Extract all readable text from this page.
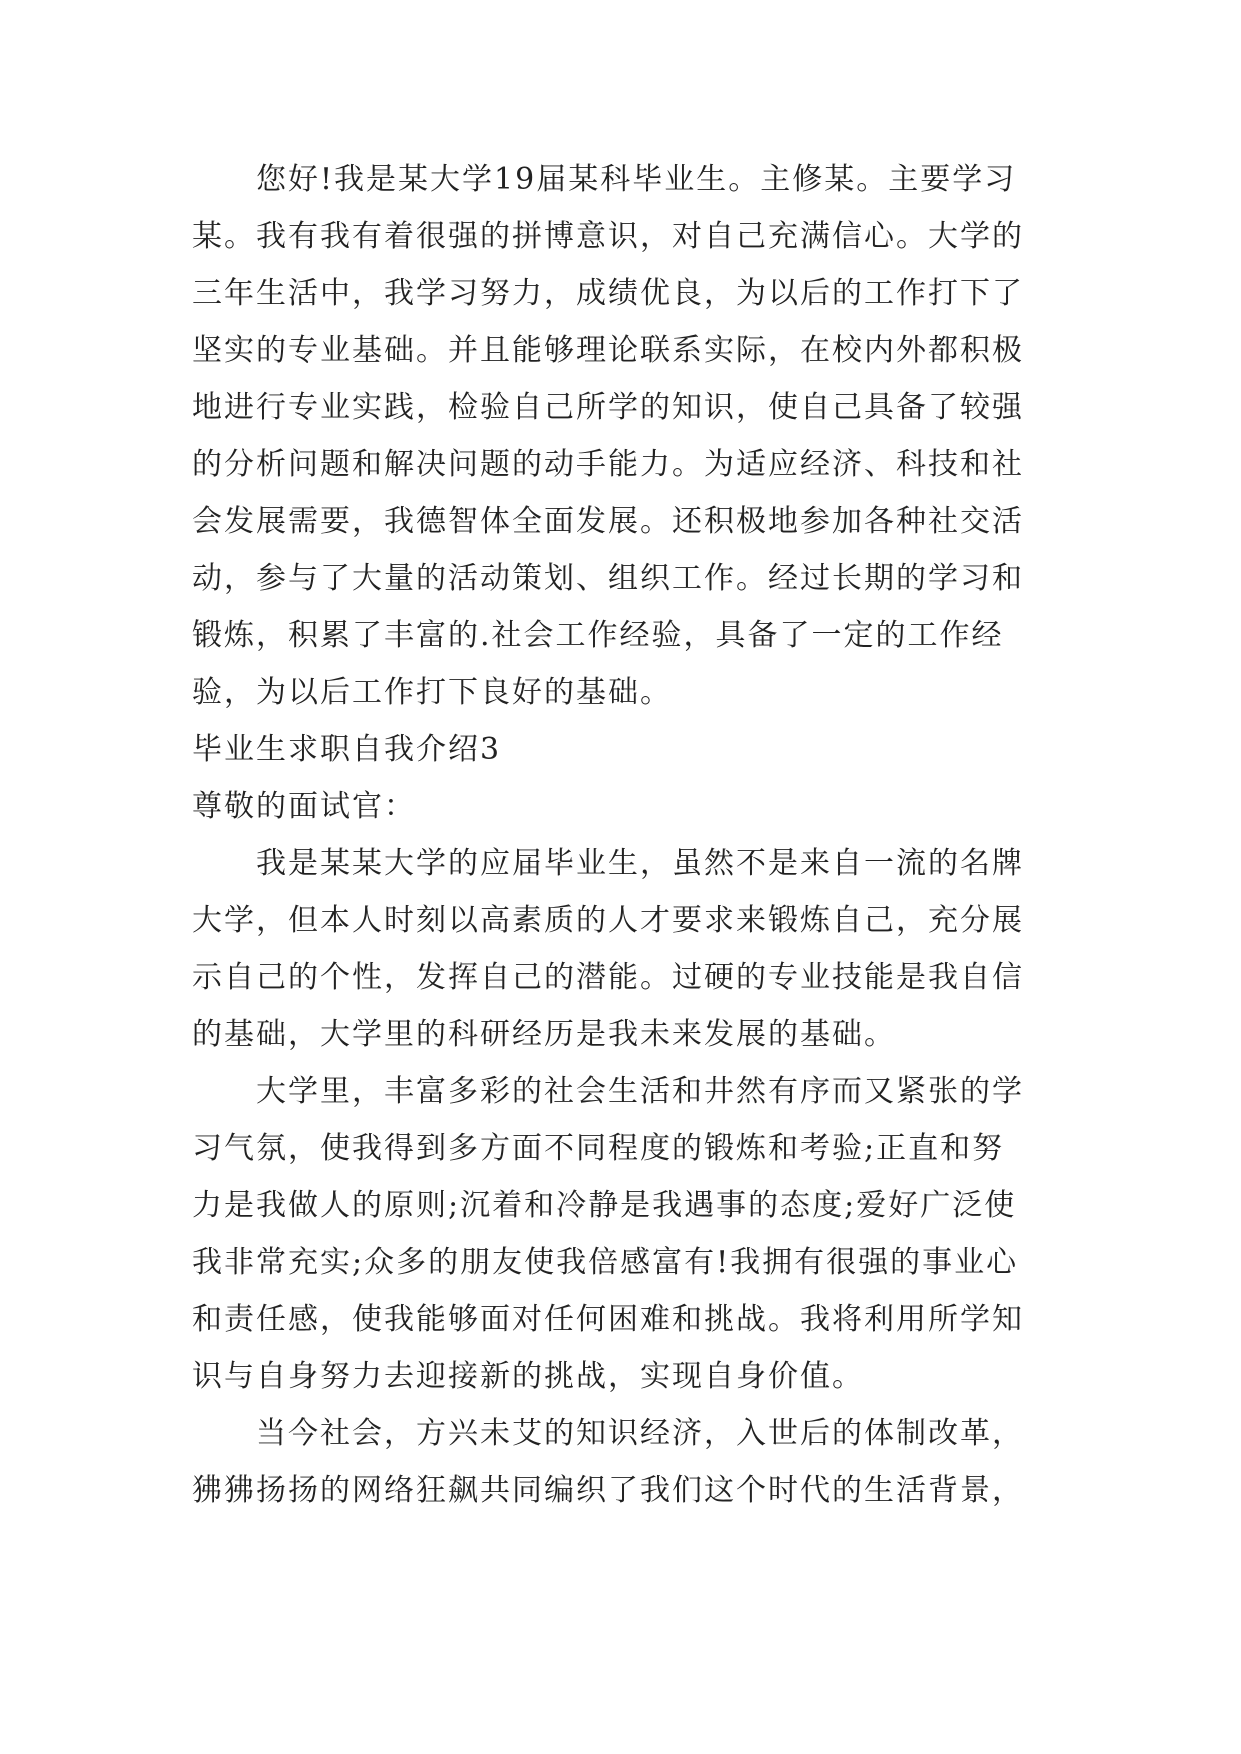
　　您好!我是某大学19届某科毕业生。主修某。主要学习
某。我有我有着很强的拼博意识，对自己充满信心。大学的
三年生活中，我学习努力，成绩优良，为以后的工作打下了
坚实的专业基础。并且能够理论联系实际，在校内外都积极
地进行专业实践，检验自己所学的知识，使自己具备了较强
的分析问题和解决问题的动手能力。为适应经济、科技和社
会发展需要，我德智体全面发展。还积极地参加各种社交活
动，参与了大量的活动策划、组织工作。经过长期的学习和
锻炼，积累了丰富的.社会工作经验，具备了一定的工作经
验，为以后工作打下良好的基础。
毕业生求职自我介绍3
尊敬的面试官：
　　我是某某大学的应届毕业生，虽然不是来自一流的名牌
大学，但本人时刻以高素质的人才要求来锻炼自己，充分展
示自己的个性，发挥自己的潜能。过硬的专业技能是我自信
的基础，大学里的科研经历是我未来发展的基础。
　　大学里，丰富多彩的社会生活和井然有序而又紧张的学
习气氛，使我得到多方面不同程度的锻炼和考验;正直和努
力是我做人的原则;沉着和冷静是我遇事的态度;爱好广泛使
我非常充实;众多的朋友使我倍感富有!我拥有很强的事业心
和责任感，使我能够面对任何困难和挑战。我将利用所学知
识与自身努力去迎接新的挑战，实现自身价值。
　　当今社会，方兴未艾的知识经济，入世后的体制改革，
狒狒扬扬的网络狂飙共同编织了我们这个时代的生活背景，
